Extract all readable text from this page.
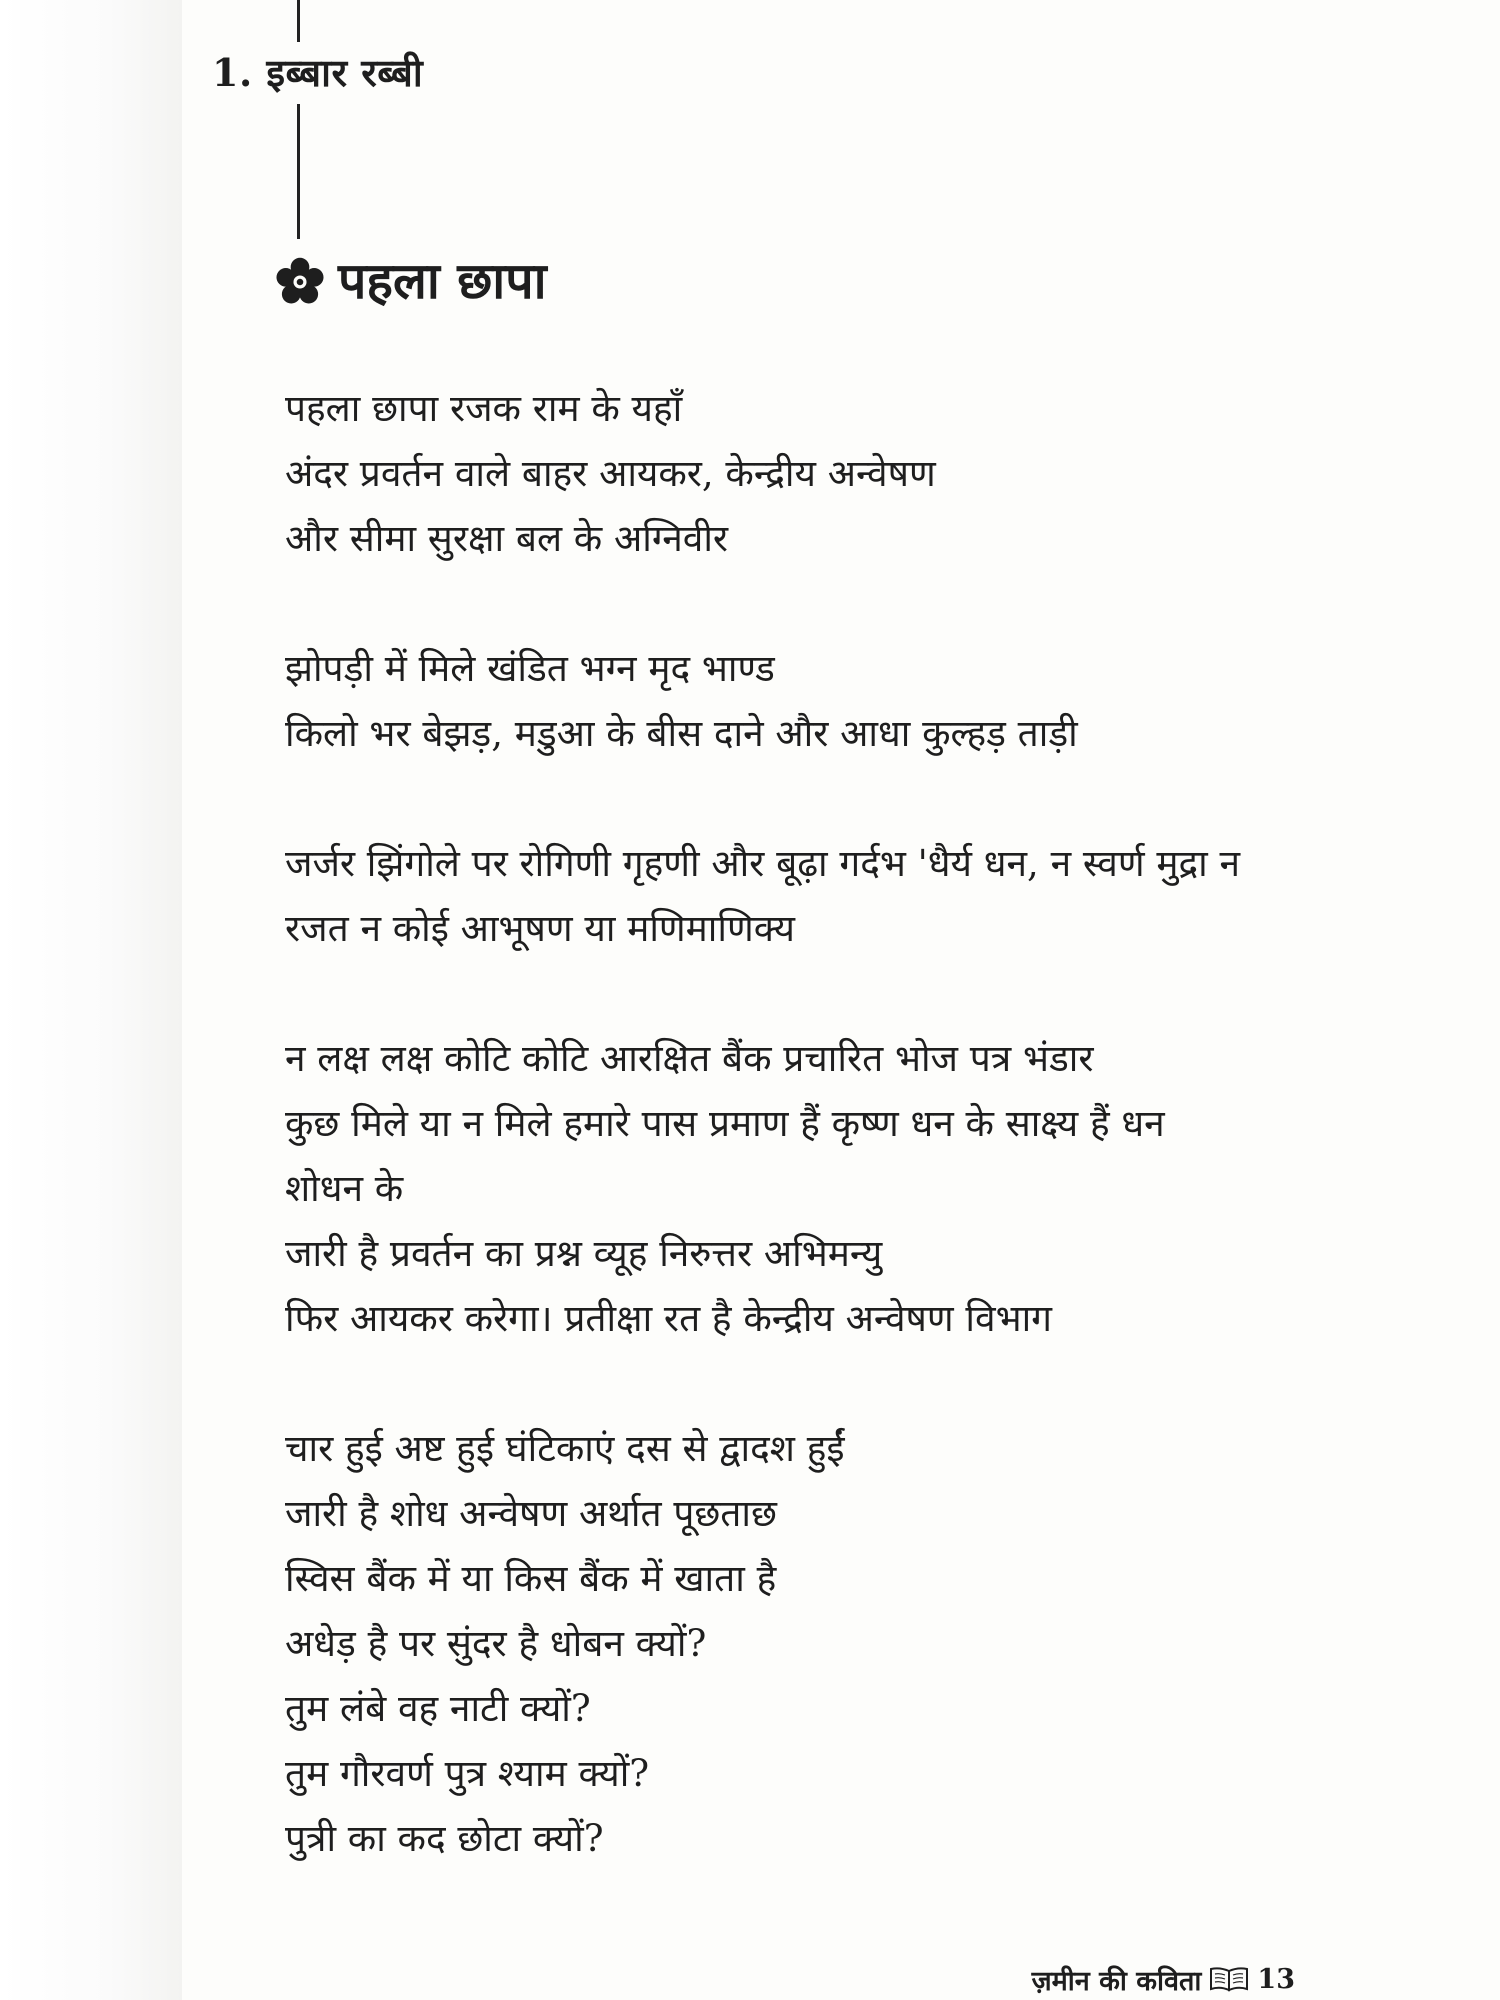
1. इब्बार रब्बी
पहला छापा
पहला छापा रजक राम के यहाँ
अंदर प्रवर्तन वाले बाहर आयकर, केन्द्रीय अन्वेषण
और सीमा सुरक्षा बल के अग्निवीर
झोपड़ी में मिले खंडित भग्न मृद भाण्ड
किलो भर बेझड़, मडुआ के बीस दाने और आधा कुल्हड़ ताड़ी
जर्जर झिंगोले पर रोगिणी गृहणी और बूढ़ा गर्दभ 'धैर्य धन, न स्वर्ण मुद्रा न
रजत न कोई आभूषण या मणिमाणिक्य
न लक्ष लक्ष कोटि कोटि आरक्षित बैंक प्रचारित भोज पत्र भंडार
कुछ मिले या न मिले हमारे पास प्रमाण हैं कृष्ण धन के साक्ष्य हैं धन
शोधन के
जारी है प्रवर्तन का प्रश्न व्यूह निरुत्तर अभिमन्यु
फिर आयकर करेगा। प्रतीक्षा रत है केन्द्रीय अन्वेषण विभाग
चार हुई अष्ट हुई घंटिकाएं दस से द्वादश हुईं
जारी है शोध अन्वेषण अर्थात पूछताछ
स्विस बैंक में या किस बैंक में खाता है
अधेड़ है पर सुंदर है धोबन क्यों?
तुम लंबे वह नाटी क्यों?
तुम गौरवर्ण पुत्र श्याम क्यों?
पुत्री का कद छोटा क्यों?
ज़मीन की कविता 13
